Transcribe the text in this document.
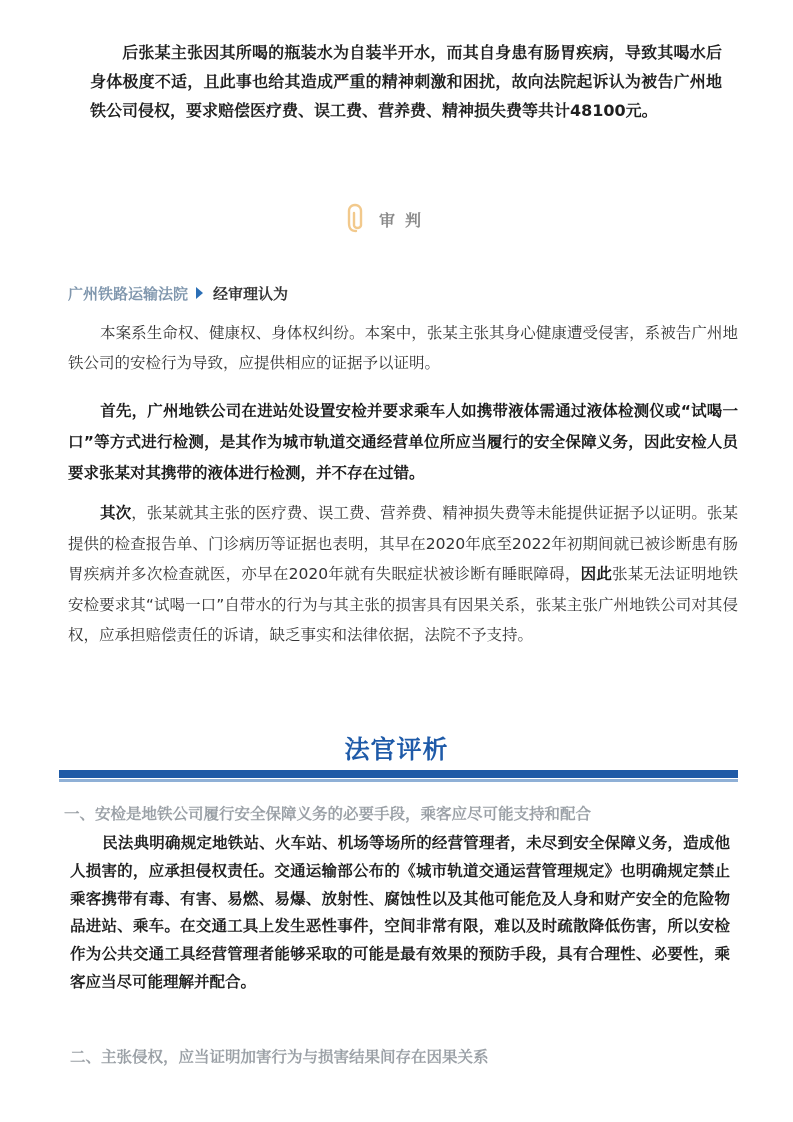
后张某主张因其所喝的瓶装水为自装半开水，而其自身患有肠胃疾病，导致其喝水后身体极度不适，且此事也给其造成严重的精神刺激和困扰，故向法院起诉认为被告广州地铁公司侵权，要求赔偿医疗费、误工费、营养费、精神损失费等共计48100元。

审判
广州铁路运输法院 经审理认为

本案系生命权、健康权、身体权纠纷。本案中，张某主张其身心健康遭受侵害，系被告广州地铁公司的安检行为导致，应提供相应的证据予以证明。

首先，广州地铁公司在进站处设置安检并要求乘车人如携带液体需通过液体检测仪或“试喝一口”等方式进行检测，是其作为城市轨道交通经营单位所应当履行的安全保障义务，因此安检人员要求张某对其携带的液体进行检测，并不存在过错。

其次，张某就其主张的医疗费、误工费、营养费、精神损失费等未能提供证据予以证明。张某提供的检查报告单、门诊病历等证据也表明，其早在2020年底至2022年初期间就已被诊断患有肠胃疾病并多次检查就医，亦早在2020年就有失眠症状被诊断有睡眠障碍，因此张某无法证明地铁安检要求其“试喝一口”自带水的行为与其主张的损害具有因果关系，张某主张广州地铁公司对其侵权，应承担赔偿责任的诉请，缺乏事实和法律依据，法院不予支持。

法官评析
一、安检是地铁公司履行安全保障义务的必要手段，乘客应尽可能支持和配合

民法典明确规定地铁站、火车站、机场等场所的经营管理者，未尽到安全保障义务，造成他人损害的，应承担侵权责任。交通运输部公布的《城市轨道交通运营管理规定》也明确规定禁止乘客携带有毒、有害、易燃、易爆、放射性、腐蚀性以及其他可能危及人身和财产安全的危险物品进站、乘车。在交通工具上发生恶性事件，空间非常有限，难以及时疏散降低伤害，所以安检作为公共交通工具经营管理者能够采取的可能是最有效果的预防手段，具有合理性、必要性，乘客应当尽可能理解并配合。

二、主张侵权，应当证明加害行为与损害结果间存在因果关系
